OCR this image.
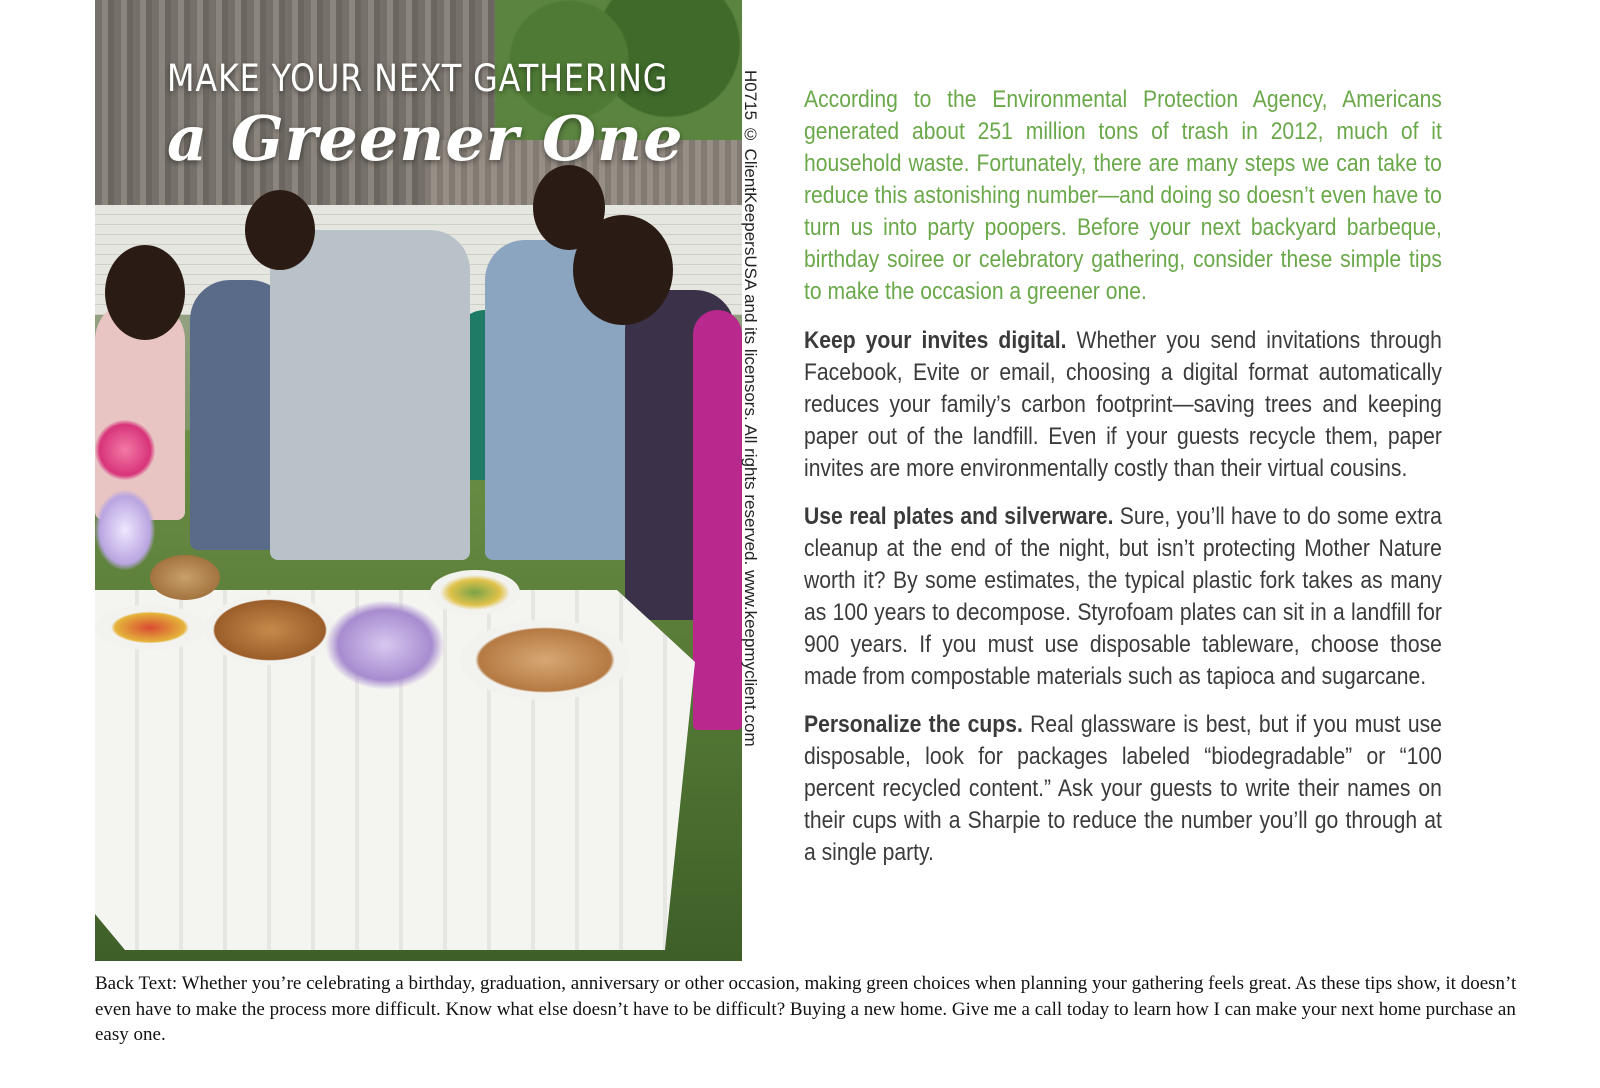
MAKE YOUR NEXT GATHERING
a Greener One	H0715 © ClientKeepersUSA and its licensors. All rights reserved. www.keepmyclient.com According to the Environmental Protection Agency, Americans generated about 251 million tons of trash in 2012, much of it household waste. Fortunately, there are many steps we can take to reduce this astonishing number—and doing so doesn’t even have to turn us into party poopers. Before your next backyard barbeque, birthday soiree or celebratory gathering, consider these simple tips to make the occasion a greener one.

Keep your invites digital. Whether you send invitations through Facebook, Evite or email, choosing a digital format automatically reduces your family’s carbon footprint—saving trees and keeping paper out of the landfill. Even if your guests recycle them, paper invites are more environmentally costly than their virtual cousins.

Use real plates and silverware. Sure, you’ll have to do some extra cleanup at the end of the night, but isn’t protecting Mother Nature worth it? By some estimates, the typical plastic fork takes as many as 100 years to decompose. Styrofoam plates can sit in a landfill for 900 years. If you must use disposable tableware, choose those made from compostable materials such as tapioca and sugarcane.

Personalize the cups. Real glassware is best, but if you must use disposable, look for packages labeled “biodegradable” or “100 percent recycled content.” Ask your guests to write their names on their cups with a Sharpie to reduce the number you’ll go through at a single party.

Back Text: Whether you’re celebrating a birthday, graduation, anniversary or other occasion, making green choices when planning your gathering feels great. As these tips show, it doesn’t even have to make the process more difficult. Know what else doesn’t have to be difficult? Buying a new home. Give me a call today to learn how I can make your next home purchase an easy one.
